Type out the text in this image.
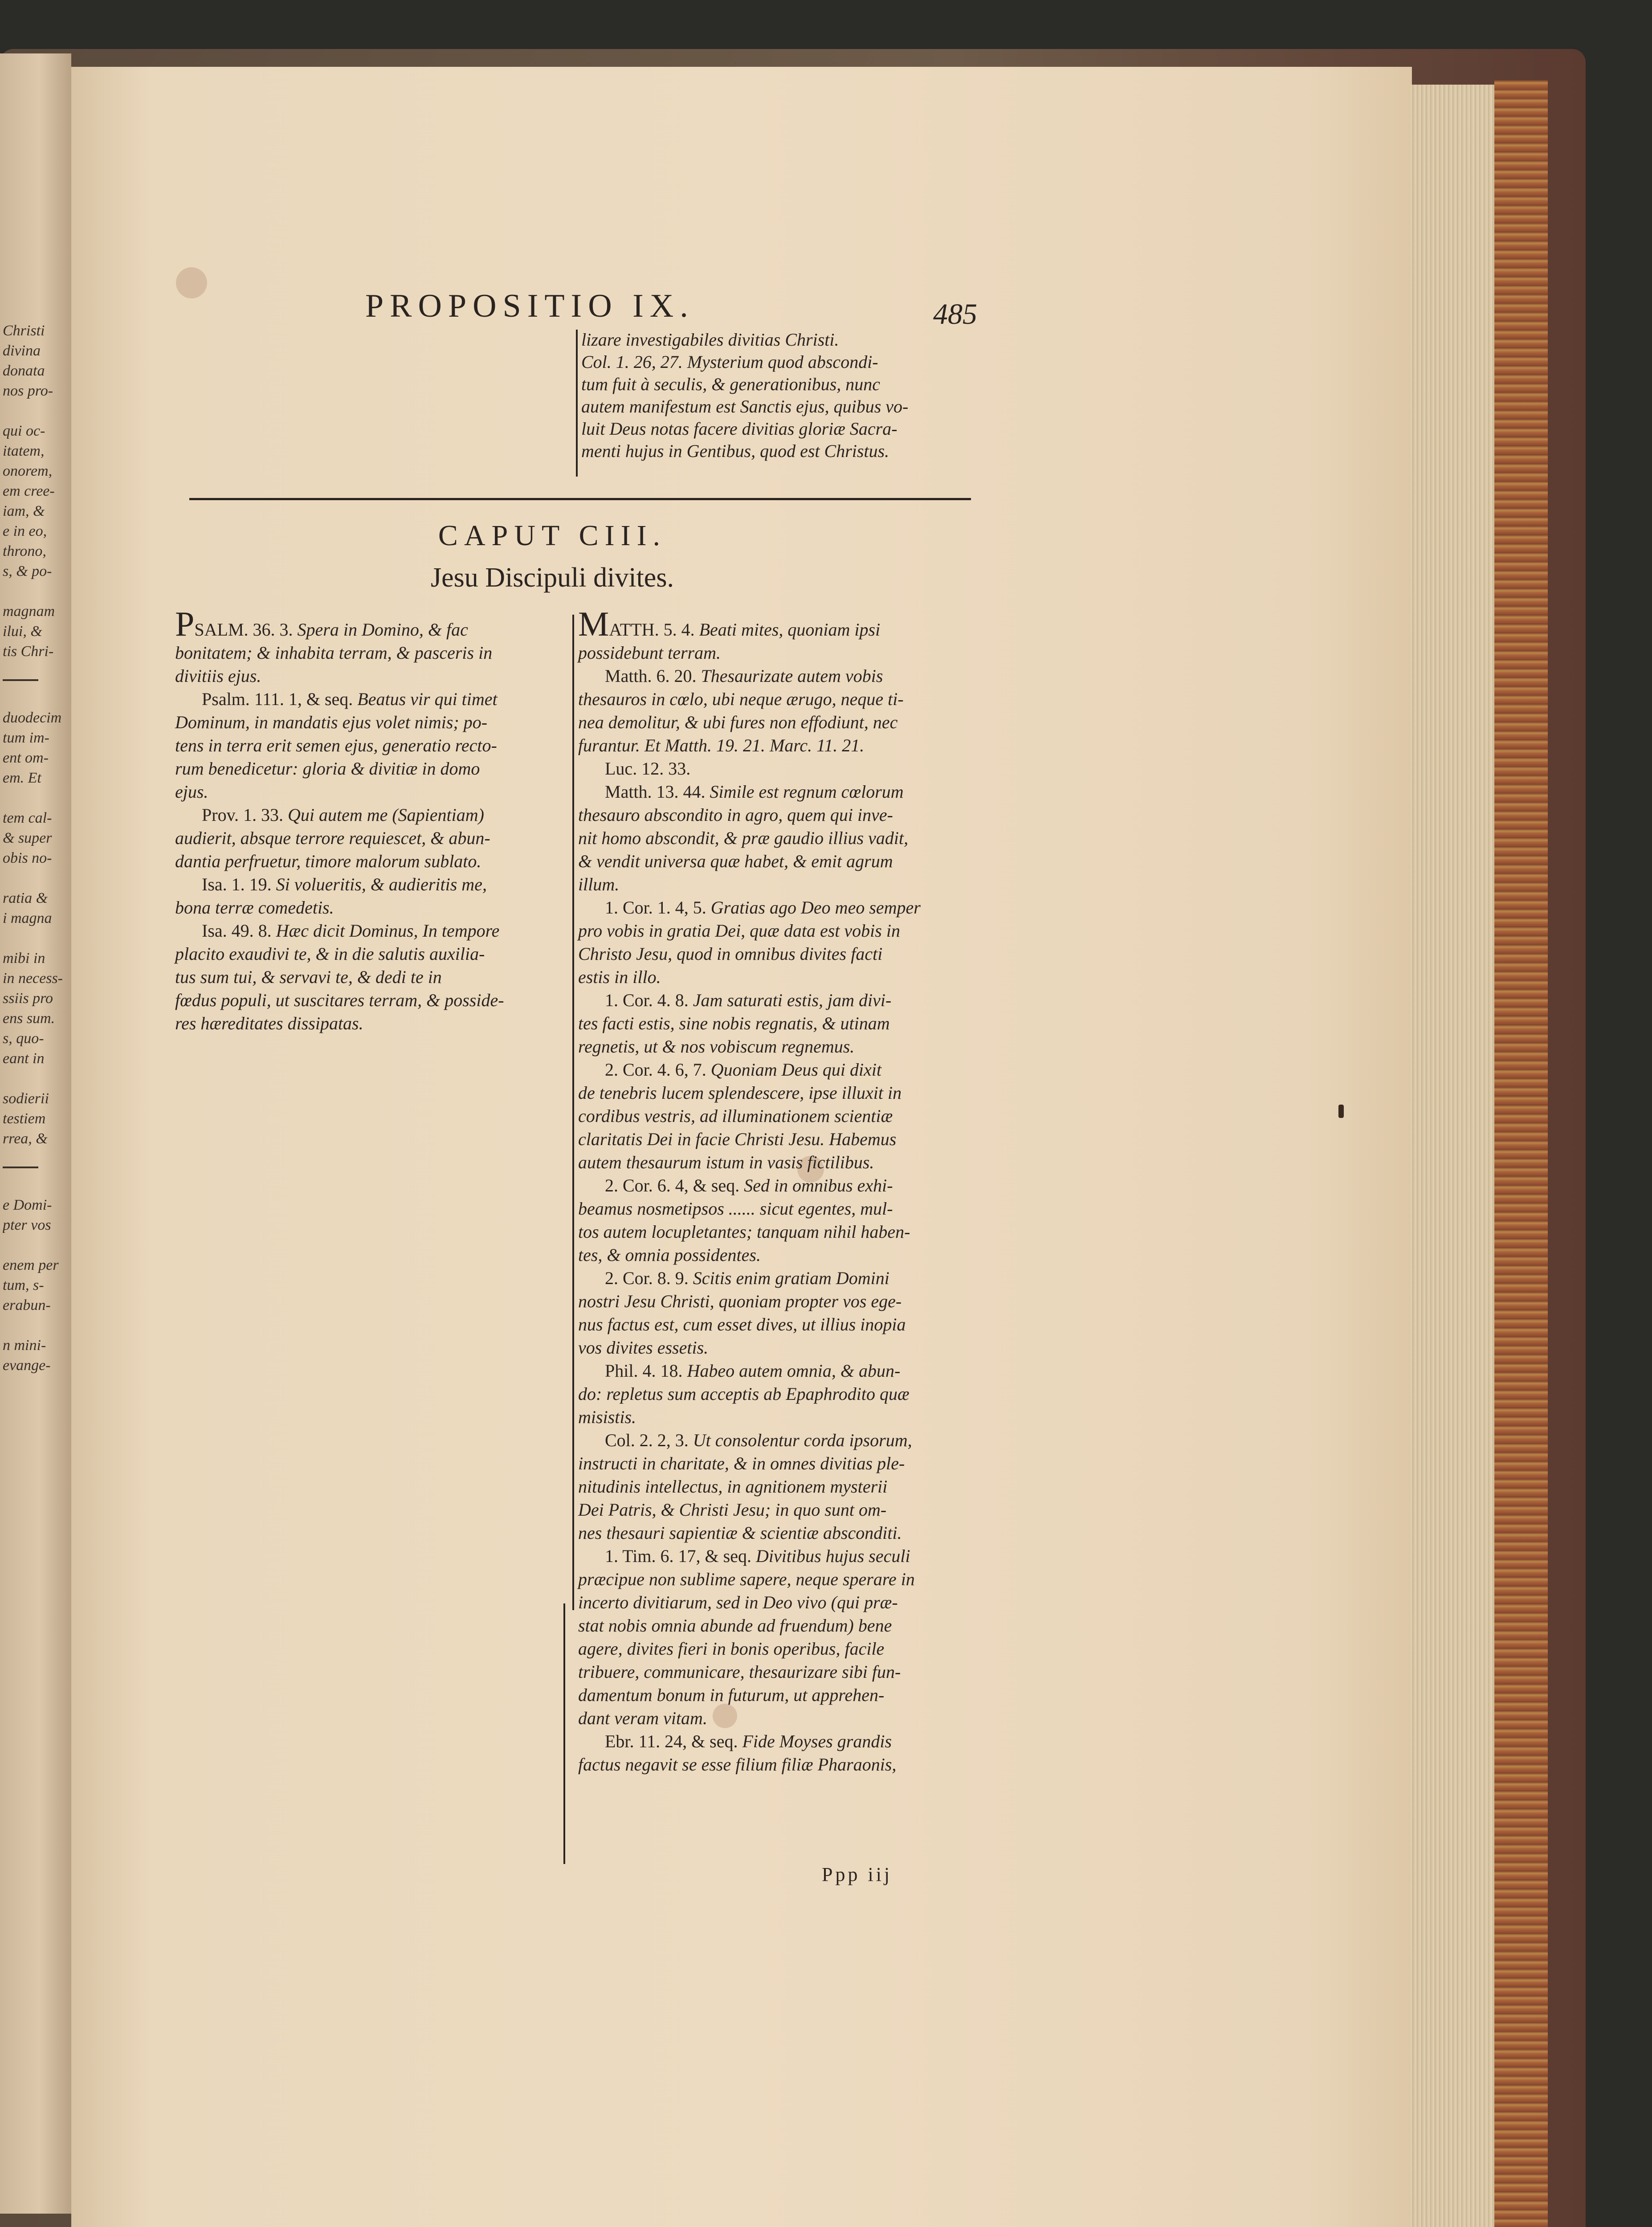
Christi
divina
donata
nos pro-

qui oc-
itatem,
onorem,
em cree-
iam, &
e in eo,
throno,
s, & po-

magnam
ilui, &
tis Chri-
duodecim
tum im-
ent om-
em. Et

tem cal-
& super
obis no-

ratia &
i magna

mibi in
in necess-
ssiis pro
ens sum.
s, quo-
eant in

sodierii
testiem
rrea, &
e Domi-
pter vos

enem per
tum, s-
erabun-

n mini-
evange-
PROPOSITIO IX.	485
lizare investigabiles divitias Christi.
Col. 1. 26, 27. Mysterium quod abscondi-
tum fuit à seculis, & generationibus, nunc
autem manifestum est Sanctis ejus, quibus vo-
luit Deus notas facere divitias gloriæ Sacra-
menti hujus in Gentibus, quod est Christus.
CAPUT CIII.
Jesu Discipuli divites.
PSALM. 36. 3. Spera in Domino, & fac
bonitatem; & inhabita terram, & pasceris in
divitiis ejus.
Psalm. 111. 1, & seq. Beatus vir qui timet
Dominum, in mandatis ejus volet nimis; po-
tens in terra erit semen ejus, generatio recto-
rum benedicetur: gloria & divitiæ in domo
ejus.
Prov. 1. 33. Qui autem me (Sapientiam)
audierit, absque terrore requiescet, & abun-
dantia perfruetur, timore malorum sublato.
Isa. 1. 19. Si volueritis, & audieritis me,
bona terræ comedetis.
Isa. 49. 8. Hæc dicit Dominus, In tempore
placito exaudivi te, & in die salutis auxilia-
tus sum tui, & servavi te, & dedi te in
fœdus populi, ut suscitares terram, & posside-
res hæreditates dissipatas.
MATTH. 5. 4. Beati mites, quoniam ipsi
possidebunt terram.
Matth. 6. 20. Thesaurizate autem vobis
thesauros in cœlo, ubi neque ærugo, neque ti-
nea demolitur, & ubi fures non effodiunt, nec
furantur. Et Matth. 19. 21. Marc. 11. 21.
Luc. 12. 33.
Matth. 13. 44. Simile est regnum cœlorum
thesauro abscondito in agro, quem qui inve-
nit homo abscondit, & præ gaudio illius vadit,
& vendit universa quæ habet, & emit agrum
illum.
1. Cor. 1. 4, 5. Gratias ago Deo meo semper
pro vobis in gratia Dei, quæ data est vobis in
Christo Jesu, quod in omnibus divites facti
estis in illo.
1. Cor. 4. 8. Jam saturati estis, jam divi-
tes facti estis, sine nobis regnatis, & utinam
regnetis, ut & nos vobiscum regnemus.
2. Cor. 4. 6, 7. Quoniam Deus qui dixit
de tenebris lucem splendescere, ipse illuxit in
cordibus vestris, ad illuminationem scientiæ
claritatis Dei in facie Christi Jesu. Habemus
autem thesaurum istum in vasis fictilibus.
2. Cor. 6. 4, & seq. Sed in omnibus exhi-
beamus nosmetipsos ...... sicut egentes, mul-
tos autem locupletantes; tanquam nihil haben-
tes, & omnia possidentes.
2. Cor. 8. 9. Scitis enim gratiam Domini
nostri Jesu Christi, quoniam propter vos ege-
nus factus est, cum esset dives, ut illius inopia
vos divites essetis.
Phil. 4. 18. Habeo autem omnia, & abun-
do: repletus sum acceptis ab Epaphrodito quæ
misistis.
Col. 2. 2, 3. Ut consolentur corda ipsorum,
instructi in charitate, & in omnes divitias ple-
nitudinis intellectus, in agnitionem mysterii
Dei Patris, & Christi Jesu; in quo sunt om-
nes thesauri sapientiæ & scientiæ absconditi.
1. Tim. 6. 17, & seq. Divitibus hujus seculi
præcipue non sublime sapere, neque sperare in
incerto divitiarum, sed in Deo vivo (qui præ-
stat nobis omnia abunde ad fruendum) bene
agere, divites fieri in bonis operibus, facile
tribuere, communicare, thesaurizare sibi fun-
damentum bonum in futurum, ut apprehen-
dant veram vitam.
Ebr. 11. 24, & seq. Fide Moyses grandis
factus negavit se esse filium filiæ Pharaonis,
Ppp iij
